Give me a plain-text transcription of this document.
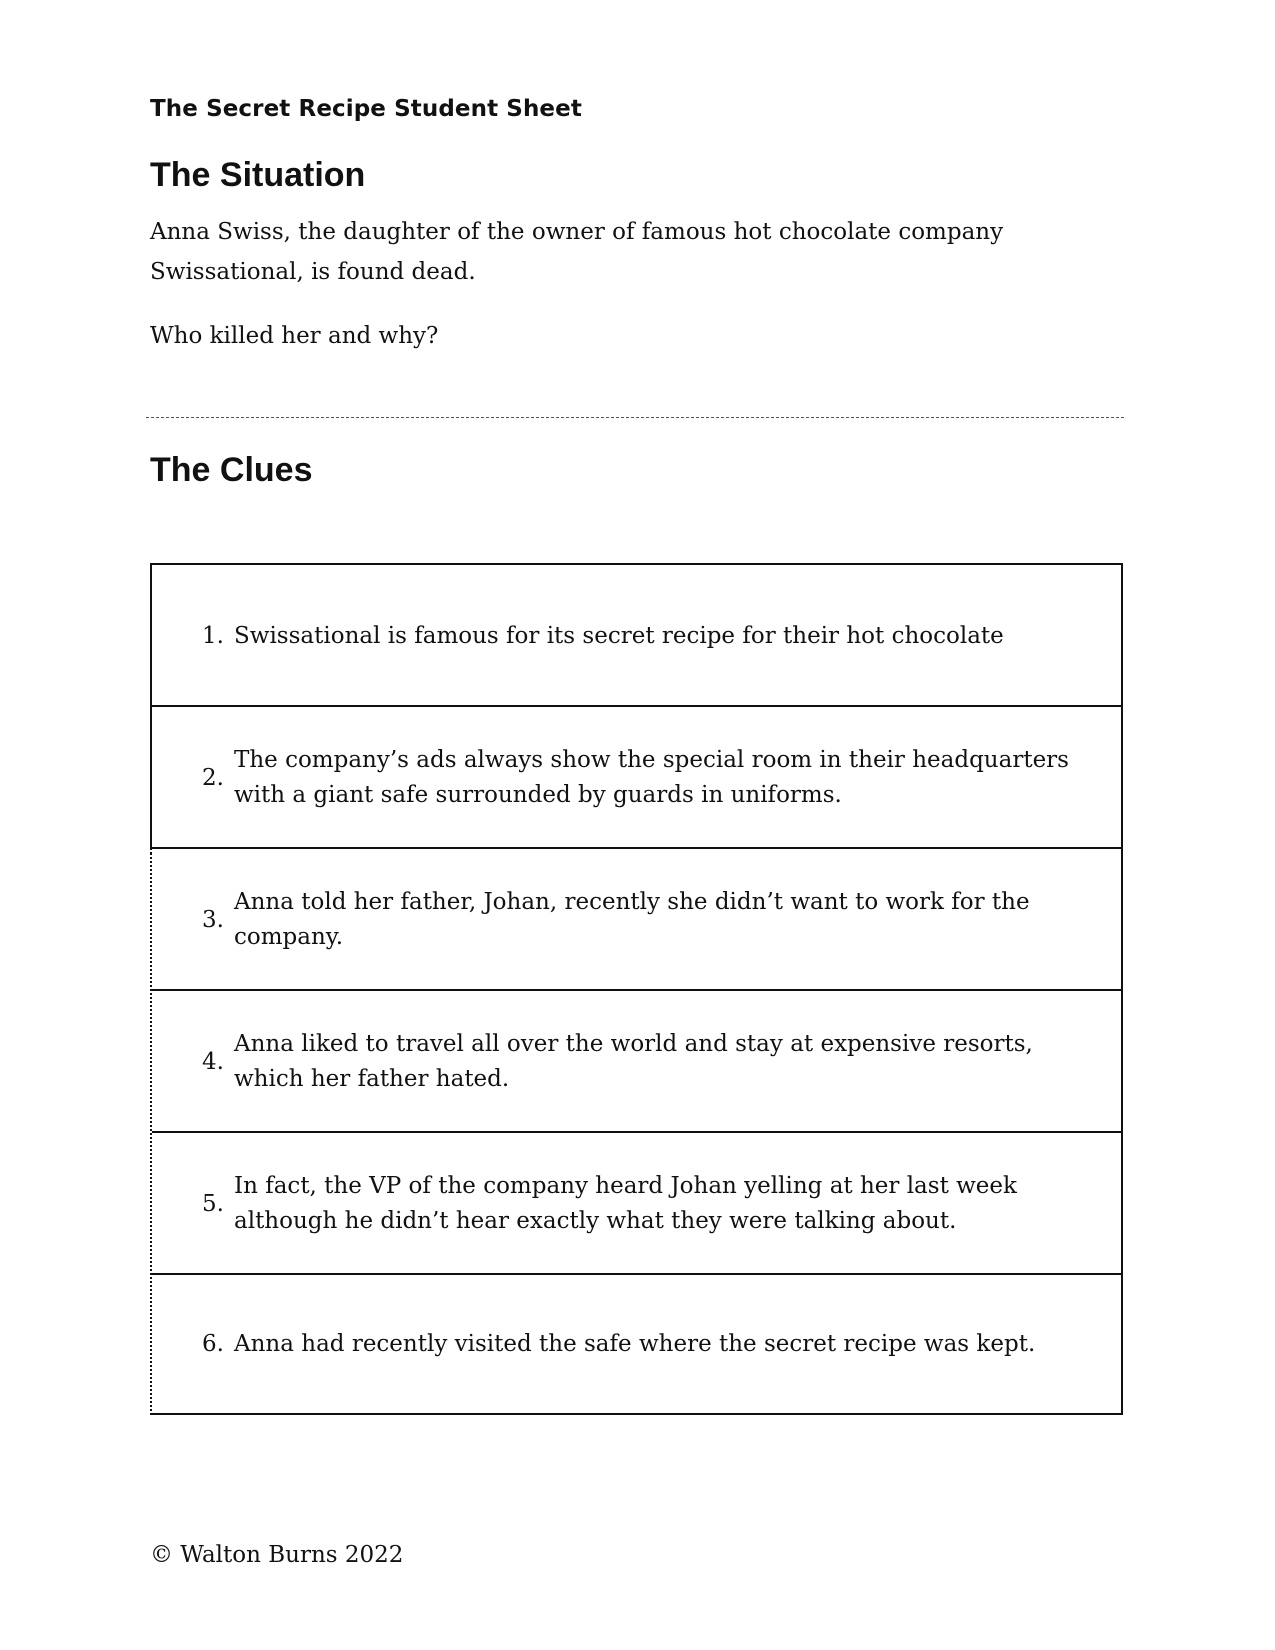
The Secret Recipe Student Sheet
The Situation

Anna Swiss, the daughter of the owner of famous hot chocolate company Swissational, is found dead.

Who killed her and why?

The Clues
1. Swissational is famous for its secret recipe for their hot chocolate
2.
The company’s ads always show the special room in their headquarters with a giant safe surrounded by guards in uniforms.
3.
Anna told her father, Johan, recently she didn’t want to work for the company.
4.
Anna liked to travel all over the world and stay at expensive resorts, which her father hated.
5.
In fact, the VP of the company heard Johan yelling at her last week although he didn’t hear exactly what they were talking about.
6. Anna had recently visited the safe where the secret recipe was kept.

© Walton Burns 2022
